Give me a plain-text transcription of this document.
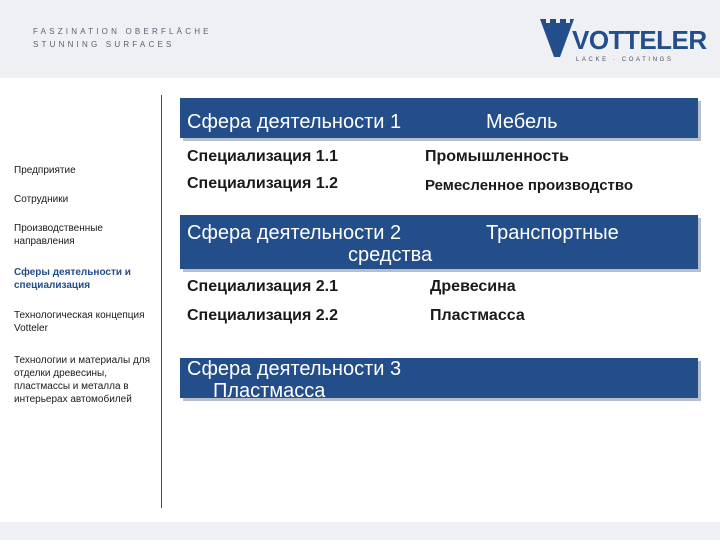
FASZINATION OBERFLÄCHE
STUNNING SURFACES	VOTTELER
LACKE · COATINGS
Предприятие
Сотрудники
Производственные направления
Сферы деятельности и специализация
Технологическая концепция Votteler
Технологии и материалы для отделки древесины, пластмассы и металла в интерьерах автомобилей
Сфера деятельности 1	Мебель
Специализация 1.1	Промышленность
Специализация 1.2	Ремесленное производство
Сфера деятельности 2	Транспортные
средства
Специализация 2.1	Древесина
Специализация 2.2	Пластмасса
Сфера деятельности 3
Пластмасса
